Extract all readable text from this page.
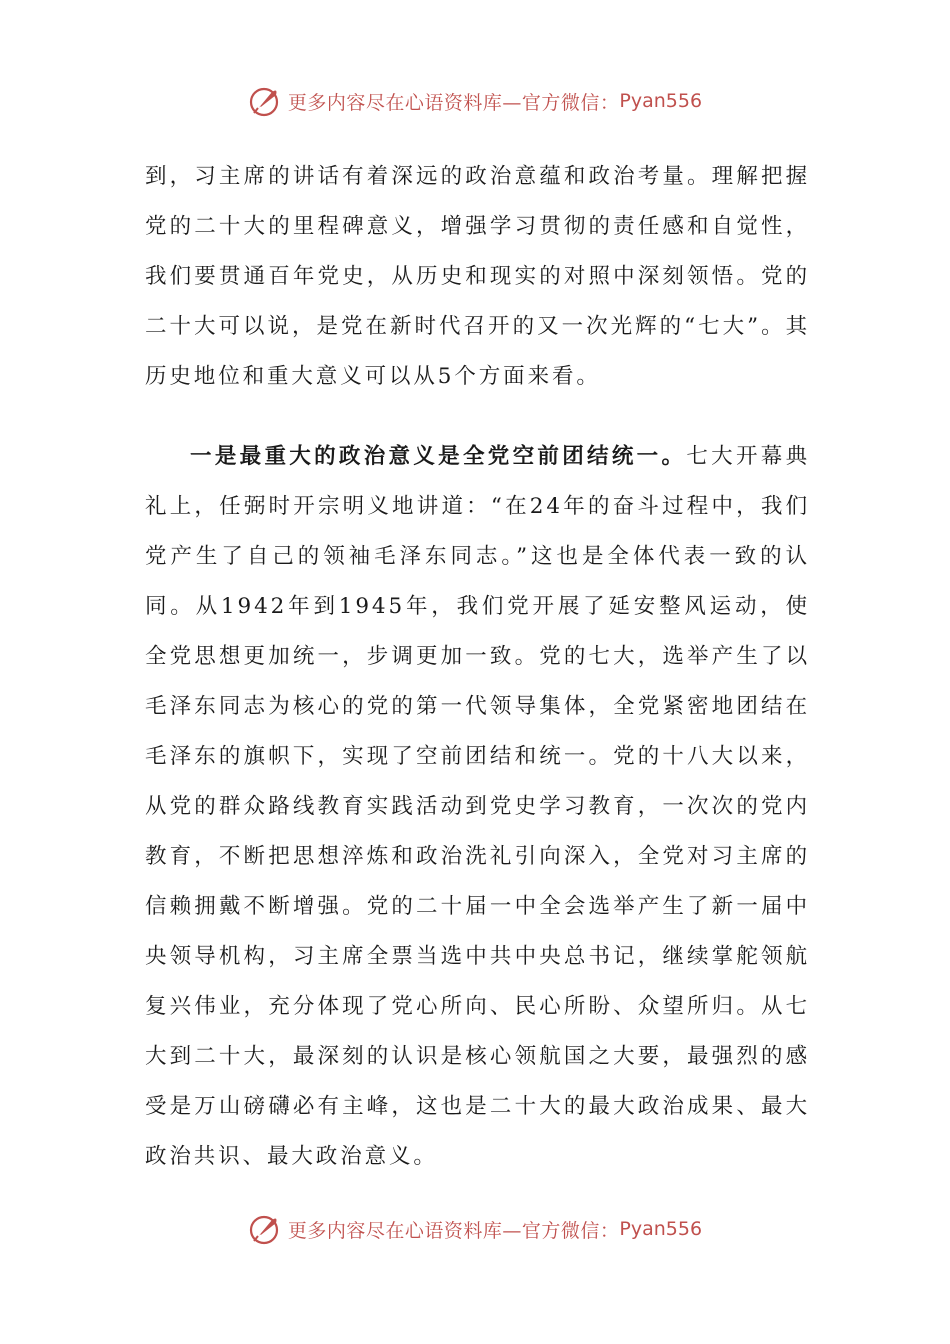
更多内容尽在心语资料库—官方微信： Pyan556

到，习主席的讲话有着深远的政治意蕴和政治考量。理解把握党的二十大的里程碑意义，增强学习贯彻的责任感和自觉性，我们要贯通百年党史，从历史和现实的对照中深刻领悟。党的二十大可以说，是党在新时代召开的又一次光辉的“七大”。其历史地位和重大意义可以从5个方面来看。

一是最重大的政治意义是全党空前团结统一。七大开幕典礼上，任弼时开宗明义地讲道：“在24年的奋斗过程中，我们党产生了自己的领袖毛泽东同志。”这也是全体代表一致的认同。从1942年到1945年，我们党开展了延安整风运动，使全党思想更加统一，步调更加一致。党的七大，选举产生了以毛泽东同志为核心的党的第一代领导集体，全党紧密地团结在毛泽东的旗帜下，实现了空前团结和统一。党的十八大以来，从党的群众路线教育实践活动到党史学习教育，一次次的党内教育，不断把思想淬炼和政治洗礼引向深入，全党对习主席的信赖拥戴不断增强。党的二十届一中全会选举产生了新一届中央领导机构，习主席全票当选中共中央总书记，继续掌舵领航复兴伟业，充分体现了党心所向、民心所盼、众望所归。从七大到二十大，最深刻的认识是核心领航国之大要，最强烈的感受是万山磅礴必有主峰，这也是二十大的最大政治成果、最大政治共识、最大政治意义。

更多内容尽在心语资料库—官方微信： Pyan556
